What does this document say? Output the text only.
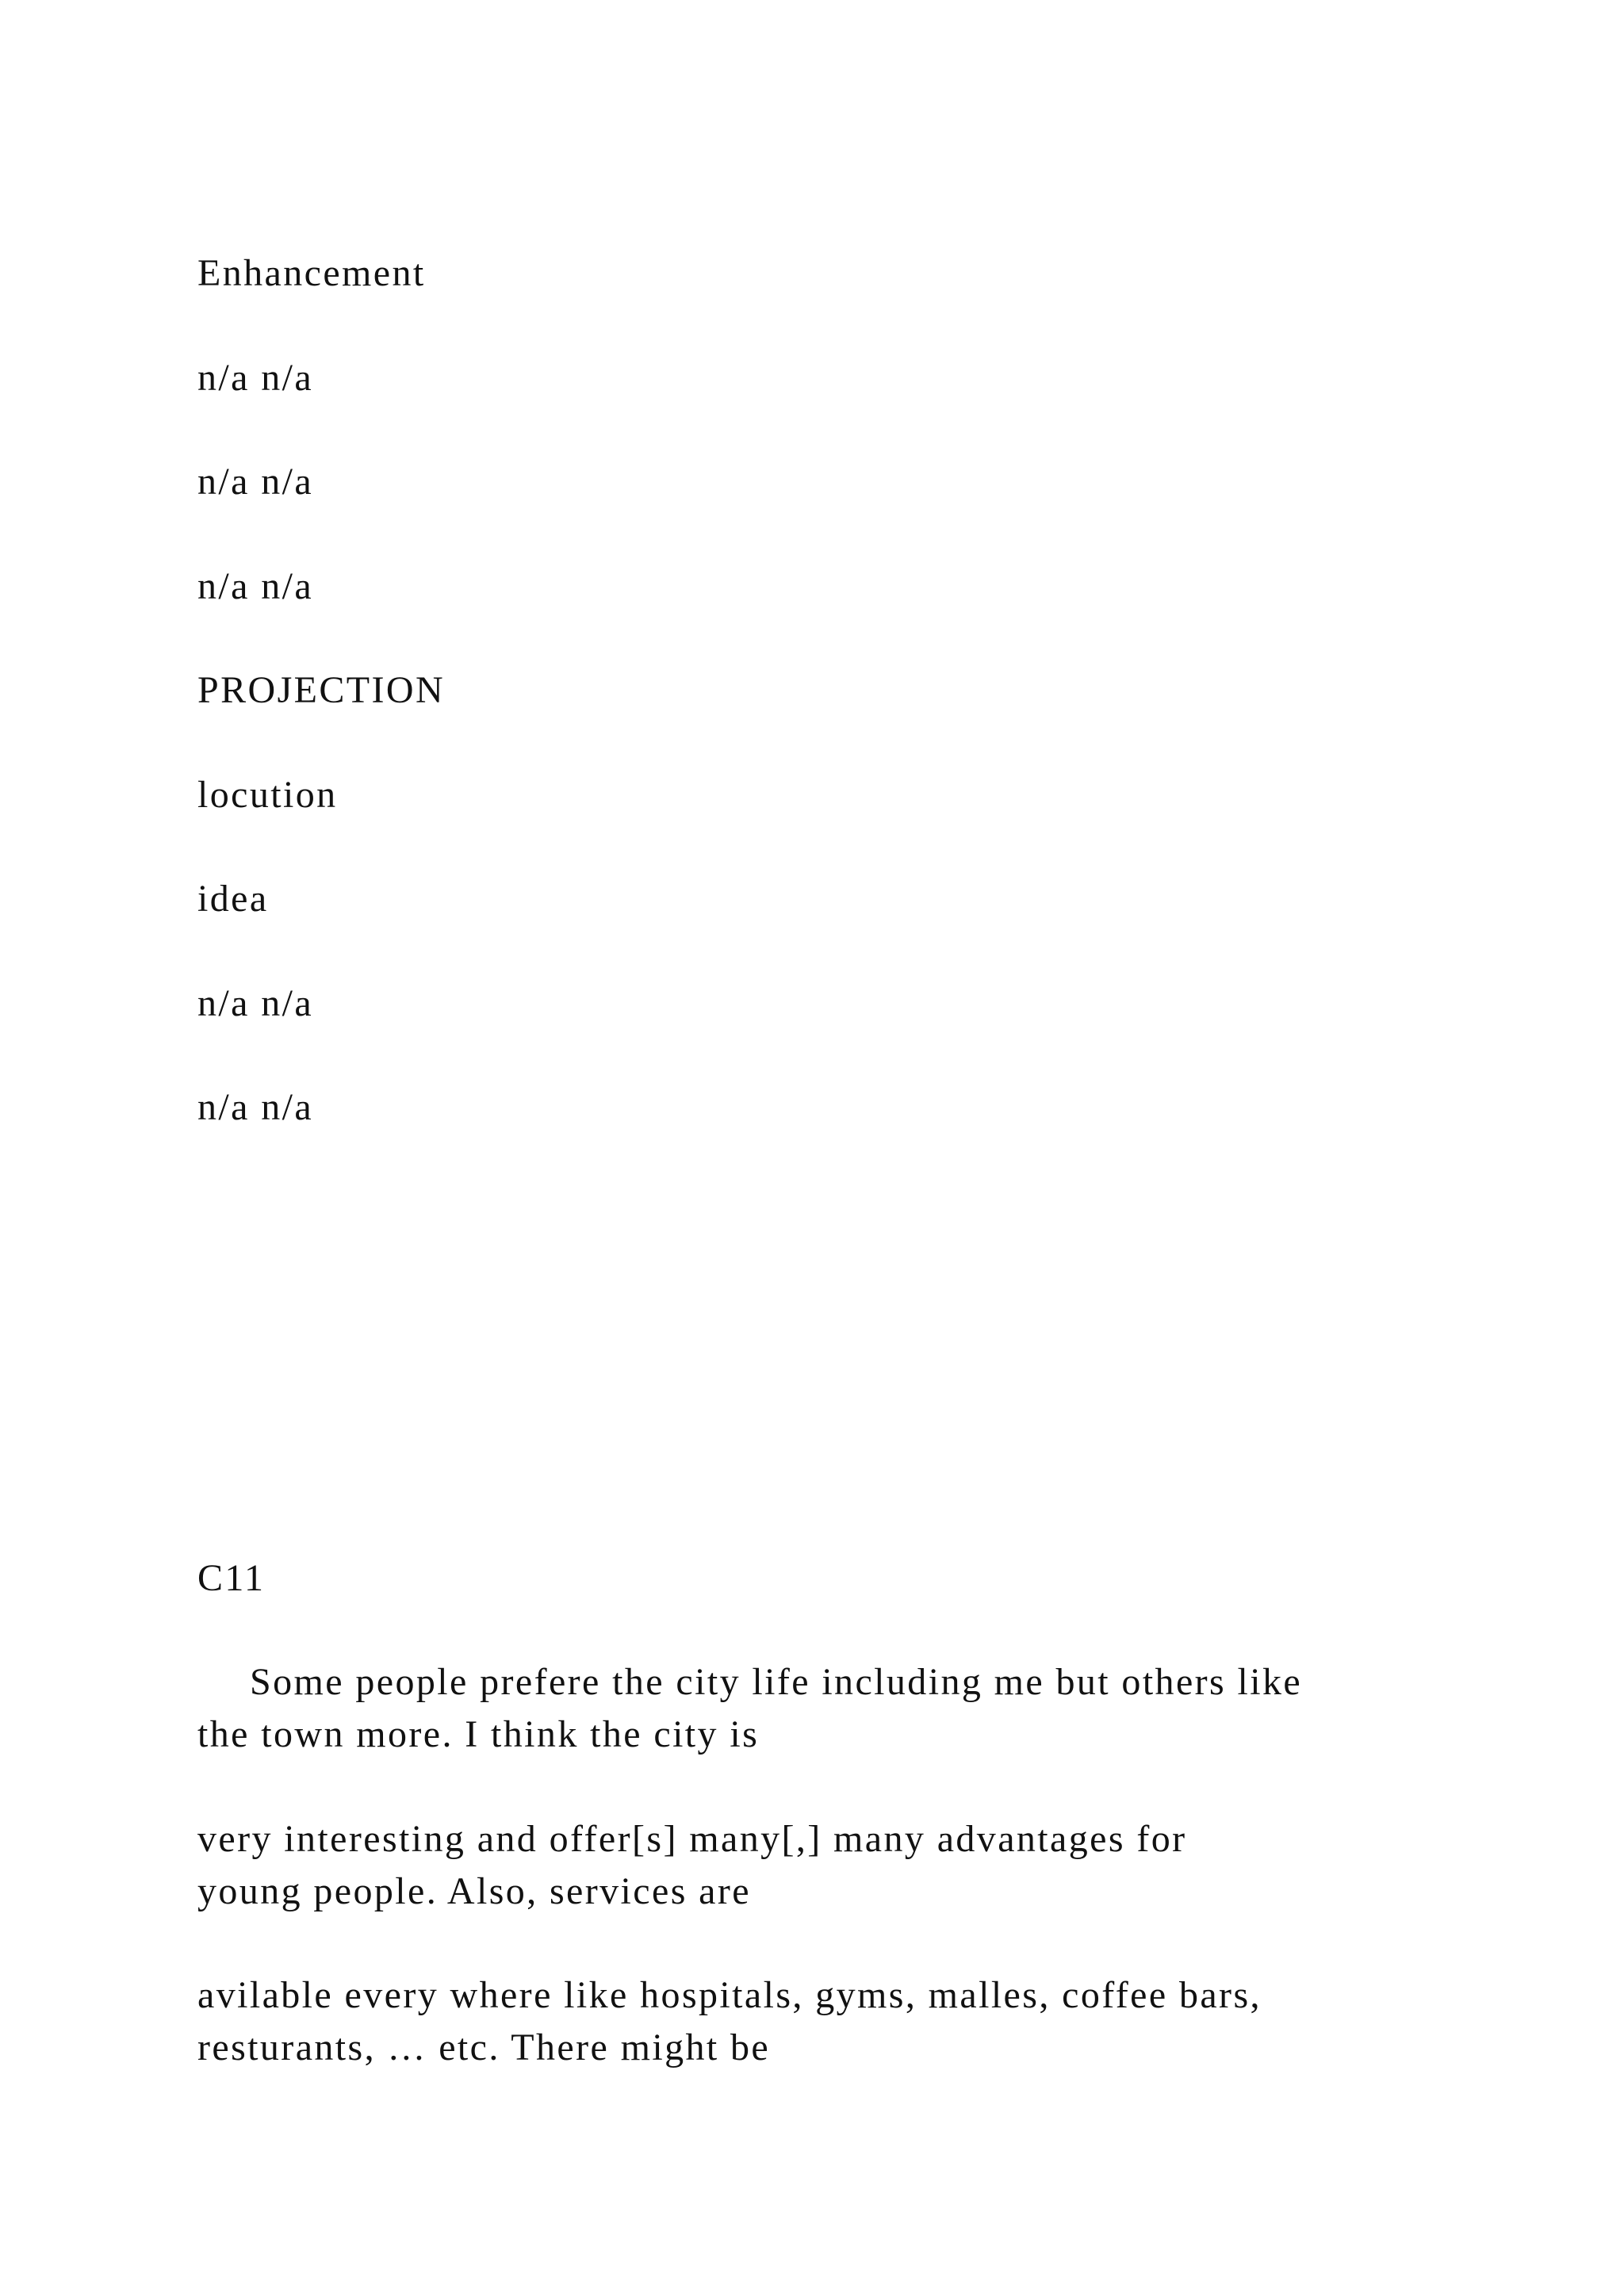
Enhancement
n/a n/a
n/a n/a
n/a n/a
PROJECTION
locution
idea
n/a n/a
n/a n/a
C11
Some people prefere the city life including me but others like
the town more. I think the city is
very interesting and offer[s] many[,] many advantages for
young people. Also, services are
avilable every where like hospitals, gyms, malles, coffee bars,
resturants, … etc. There might be
